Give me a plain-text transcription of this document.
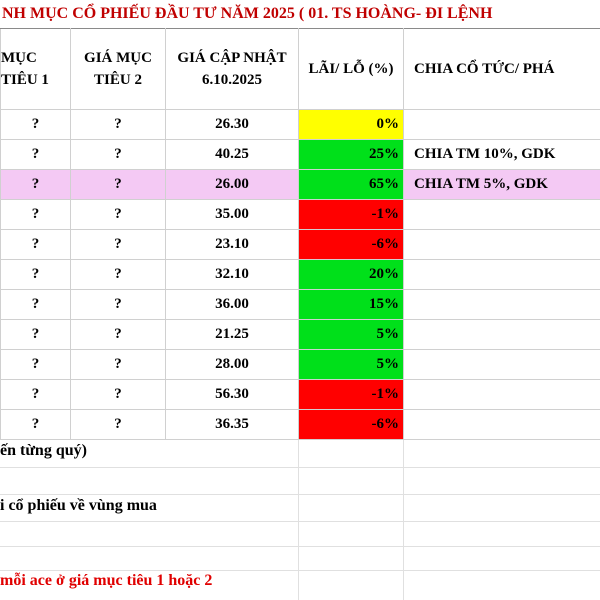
NH MỤC CỔ PHIẾU ĐẦU TƯ NĂM 2025 ( 01. TS HOÀNG- ĐI LỆNH
MỤC TIÊU 1	GIÁ MỤC TIÊU 2	GIÁ CẬP NHẬT 6.10.2025	LÃI/ LỖ (%)	CHIA CỔ TỨC/ PHÁ
?	?	26.30	0%	
?	?	40.25	25%	CHIA TM 10%, GDK
?	?	26.00	65%	CHIA TM 5%, GDK
?	?	35.00	-1%	
?	?	23.10	-6%	
?	?	32.10	20%	
?	?	36.00	15%	
?	?	21.25	5%	
?	?	28.00	5%	
?	?	56.30	-1%	
?	?	36.35	-6%	
ến từng quý)
i cổ phiếu về vùng mua
mỗi ace ở giá mục tiêu 1 hoặc 2
